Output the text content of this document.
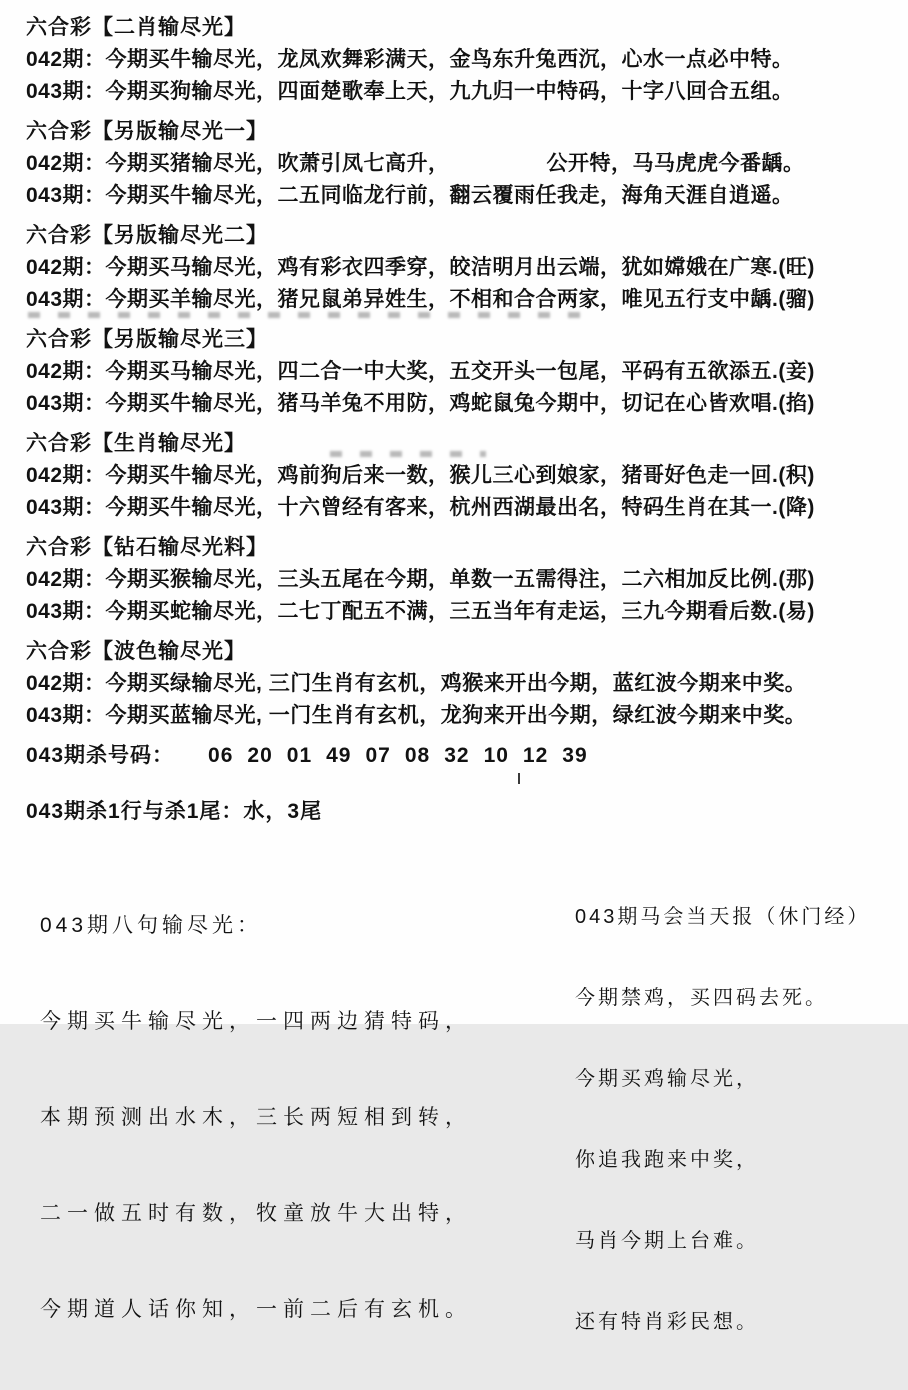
六合彩【二肖输尽光】
042期：今期买牛输尽光，龙凤欢舞彩满天，金鸟东升兔西沉，心水一点必中特。
043期：今期买狗输尽光，四面楚歌奉上天，九九归一中特码，十字八回合五组。
六合彩【另版输尽光一】
042期：今期买猪输尽光，吹萧引凤七高升，　　　　　公开特，马马虎虎今番龋。
043期：今期买牛输尽光，二五同临龙行前，翻云覆雨任我走，海角天涯自逍遥。
六合彩【另版输尽光二】
042期：今期买马输尽光，鸡有彩衣四季穿，皎洁明月出云端，犹如嫦娥在广寒.(旺)
043期：今期买羊输尽光，猪兄鼠弟异姓生，不相和合合两家，唯见五行支中龋.(骝)
六合彩【另版输尽光三】
042期：今期买马输尽光，四二合一中大奖，五交开头一包尾，平码有五欲添五.(妾)
043期：今期买牛输尽光，猪马羊兔不用防，鸡蛇鼠兔今期中，切记在心皆欢唱.(掐)
六合彩【生肖输尽光】
042期：今期买牛输尽光，鸡前狗后来一数，猴儿三心到娘家，猪哥好色走一回.(积)
043期：今期买牛输尽光，十六曾经有客来，杭州西湖最出名，特码生肖在其一.(降)
六合彩【钻石输尽光料】
042期：今期买猴输尽光，三头五尾在今期，单数一五需得注，二六相加反比例.(那)
043期：今期买蛇输尽光，二七丁配五不满，三五当年有走运，三九今期看后数.(易)
六合彩【波色输尽光】
042期：今期买绿输尽光, 三门生肖有玄机，鸡猴来开出今期，蓝红波今期来中奖。
043期：今期买蓝输尽光, 一门生肖有玄机，龙狗来开出今期，绿红波今期来中奖。
043期杀号码： 06 20 01 49 07 08 32 10 12 39
043期杀1行与杀1尾：水，3尾

043期八句输尽光：

今期买牛输尽光，一四两边猜特码，

本期预测出水木，三长两短相到转，

二一做五时有数，牧童放牛大出特，

今期道人话你知，一前二后有玄机。

043期马会当天报（休门经）

今期禁鸡，买四码去死。

今期买鸡输尽光，

你追我跑来中奖，

马肖今期上台难。

还有特肖彩民想。
